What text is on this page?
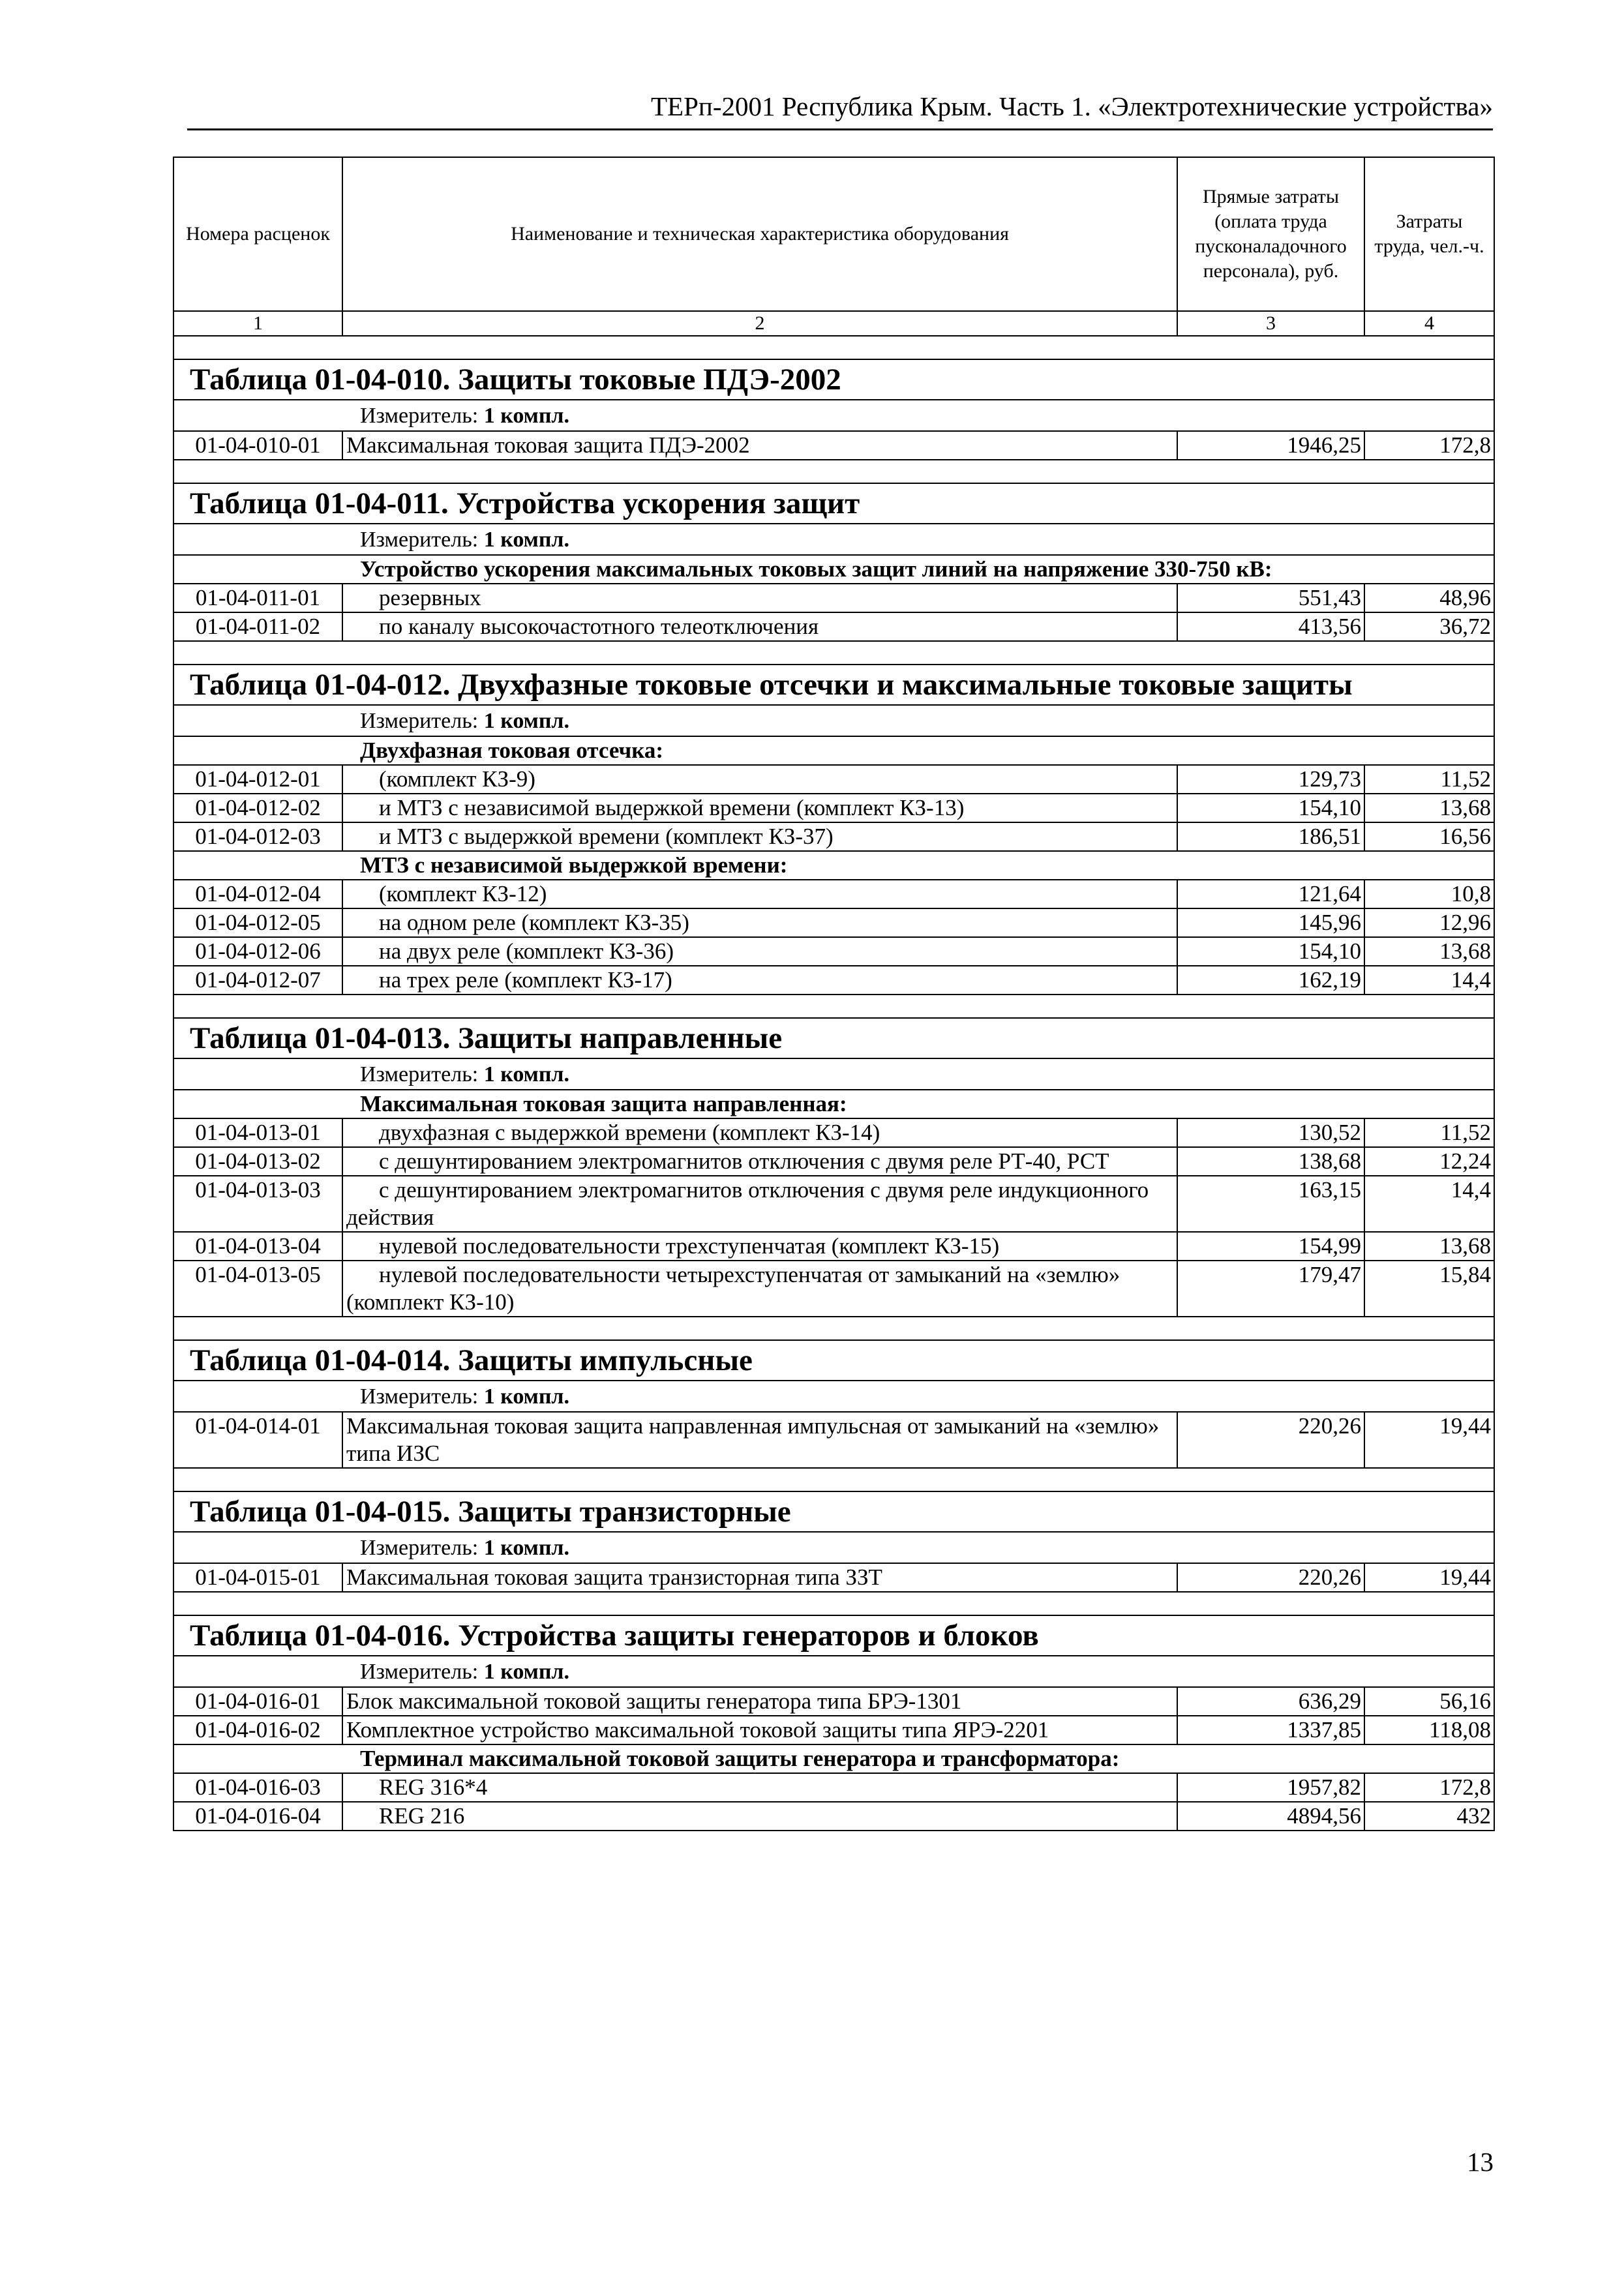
ТЕРп-2001 Республика Крым. Часть 1. «Электротехнические устройства»
Номера расценок	Наименование и техническая характеристика оборудования	Прямые затраты (оплата труда пусконаладочного персонала), руб.	Затраты труда, чел.-ч.
1	2	3	4

Таблица 01-04-010. Защиты токовые ПДЭ-2002			
Измеритель: 1 компл.			
01-04-010-01	Максимальная токовая защита ПДЭ-2002	1946,25	172,8

Таблица 01-04-011. Устройства ускорения защит			
Измеритель: 1 компл.			
Устройство ускорения максимальных токовых защит линий на напряжение 330-750 кВ:			
01-04-011-01	резервных	551,43	48,96
01-04-011-02	по каналу высокочастотного телеотключения	413,56	36,72

Таблица 01-04-012. Двухфазные токовые отсечки и максимальные токовые защиты			
Измеритель: 1 компл.			
Двухфазная токовая отсечка:			
01-04-012-01	(комплект КЗ-9)	129,73	11,52
01-04-012-02	и МТЗ с независимой выдержкой времени (комплект КЗ-13)	154,10	13,68
01-04-012-03	и МТЗ с выдержкой времени (комплект КЗ-37)	186,51	16,56
МТЗ с независимой выдержкой времени:			
01-04-012-04	(комплект КЗ-12)	121,64	10,8
01-04-012-05	на одном реле (комплект КЗ-35)	145,96	12,96
01-04-012-06	на двух реле (комплект КЗ-36)	154,10	13,68
01-04-012-07	на трех реле (комплект КЗ-17)	162,19	14,4

Таблица 01-04-013. Защиты направленные			
Измеритель: 1 компл.			
Максимальная токовая защита направленная:			
01-04-013-01	двухфазная с выдержкой времени (комплект КЗ-14)	130,52	11,52
01-04-013-02	с дешунтированием электромагнитов отключения с двумя реле РТ-40, РСТ	138,68	12,24
01-04-013-03	с дешунтированием электромагнитов отключения с двумя реле индукционного действия	163,15	14,4
01-04-013-04	нулевой последовательности трехступенчатая (комплект КЗ-15)	154,99	13,68
01-04-013-05	нулевой последовательности четырехступенчатая от замыканий на «землю» (комплект КЗ-10)	179,47	15,84

Таблица 01-04-014. Защиты импульсные			
Измеритель: 1 компл.			
01-04-014-01	Максимальная токовая защита направленная импульсная от замыканий на «землю» типа ИЗС	220,26	19,44

Таблица 01-04-015. Защиты транзисторные			
Измеритель: 1 компл.			
01-04-015-01	Максимальная токовая защита транзисторная типа ЗЗТ	220,26	19,44

Таблица 01-04-016. Устройства защиты генераторов и блоков			
Измеритель: 1 компл.			
01-04-016-01	Блок максимальной токовой защиты генератора типа БРЭ-1301	636,29	56,16
01-04-016-02	Комплектное устройство максимальной токовой защиты типа ЯРЭ-2201	1337,85	118,08
Терминал максимальной токовой защиты генератора и трансформатора:			
01-04-016-03	REG 316*4	1957,82	172,8
01-04-016-04	REG 216	4894,56	432
13
